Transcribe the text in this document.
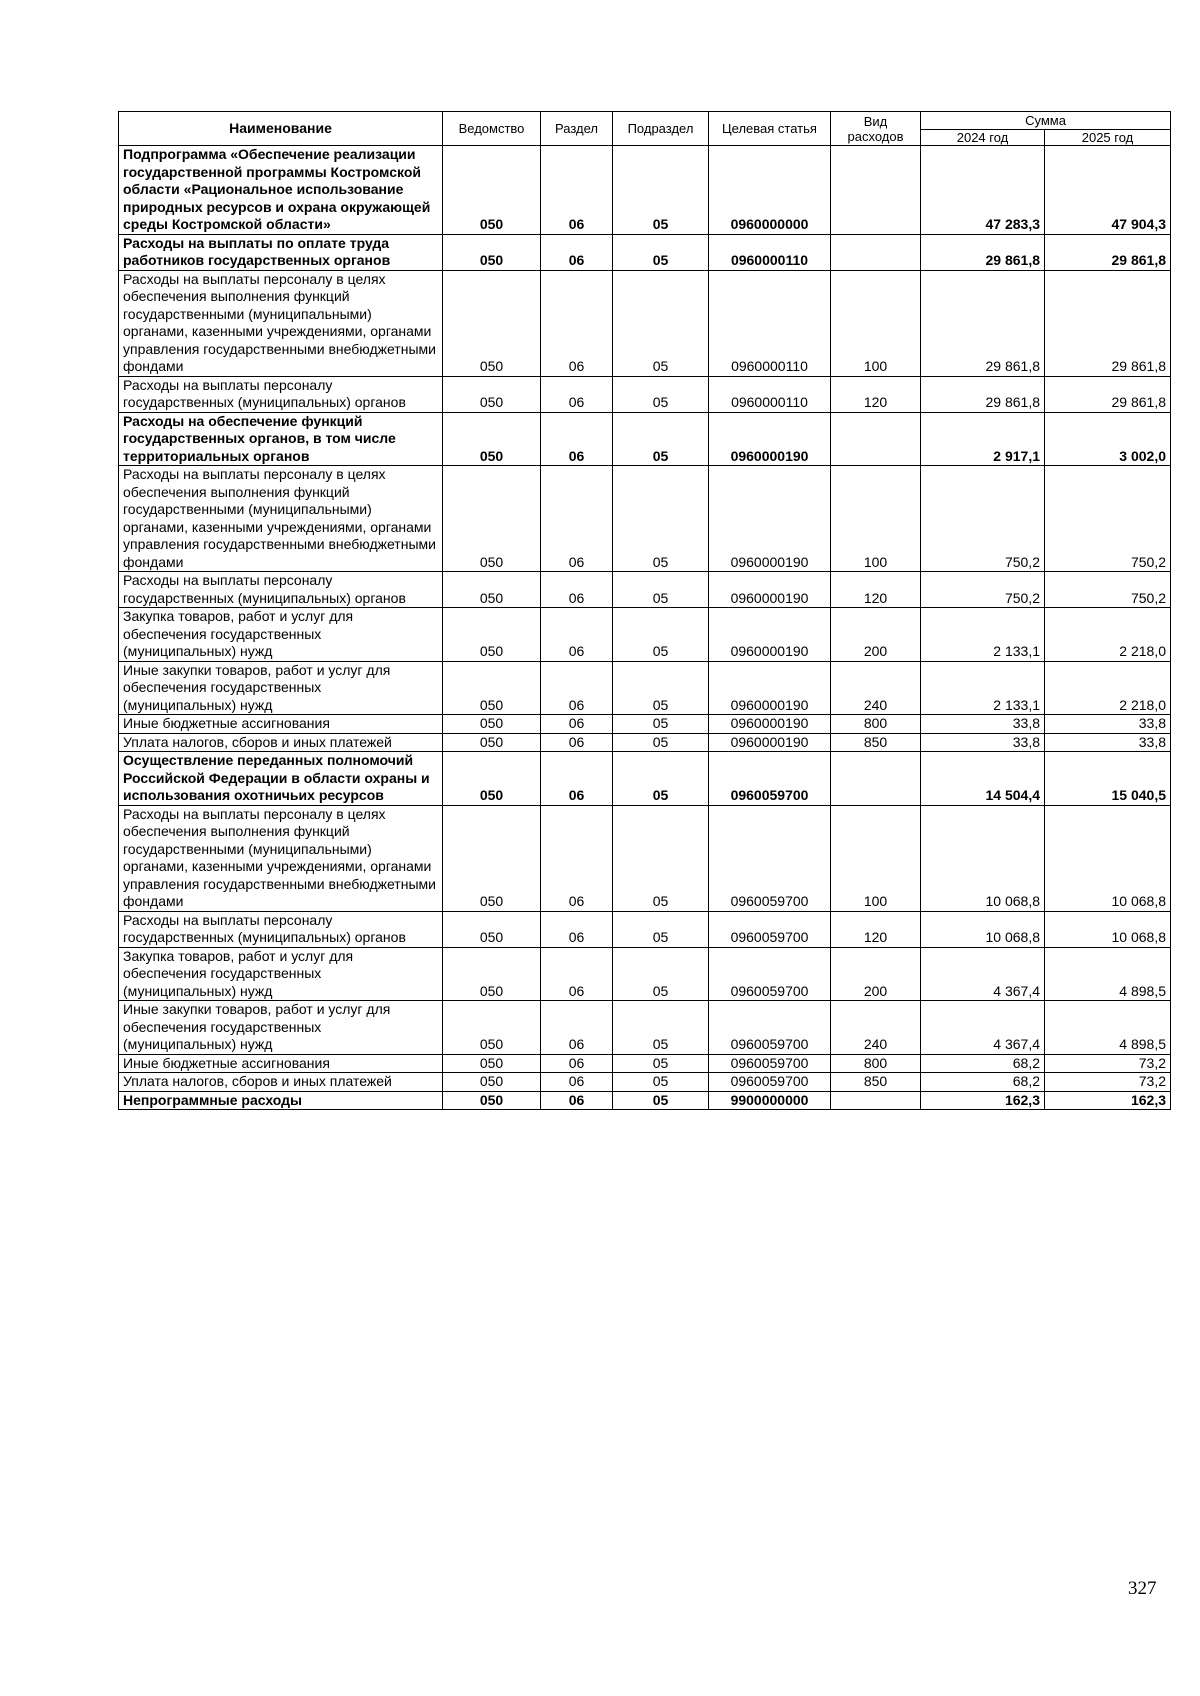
Наименование	Ведомство	Раздел	Подраздел	Целевая статья	Вид расходов	Сумма	
						2024 год	2025 год
Подпрограмма «Обеспечение реализации государственной программы Костромской области «Рациональное использование природных ресурсов и охрана окружающей среды Костромской области»	050	06	05	0960000000		47 283,3	47 904,3
Расходы на выплаты по оплате труда работников государственных органов	050	06	05	0960000110		29 861,8	29 861,8
Расходы на выплаты персоналу в целях обеспечения выполнения функций государственными (муниципальными) органами, казенными учреждениями, органами управления государственными внебюджетными фондами	050	06	05	0960000110	100	29 861,8	29 861,8
Расходы на выплаты персоналу государственных (муниципальных) органов	050	06	05	0960000110	120	29 861,8	29 861,8
Расходы на обеспечение функций государственных органов, в том числе территориальных органов	050	06	05	0960000190		2 917,1	3 002,0
Расходы на выплаты персоналу в целях обеспечения выполнения функций государственными (муниципальными) органами, казенными учреждениями, органами управления государственными внебюджетными фондами	050	06	05	0960000190	100	750,2	750,2
Расходы на выплаты персоналу государственных (муниципальных) органов	050	06	05	0960000190	120	750,2	750,2
Закупка товаров, работ и услуг для обеспечения государственных (муниципальных) нужд	050	06	05	0960000190	200	2 133,1	2 218,0
Иные закупки товаров, работ и услуг для обеспечения государственных (муниципальных) нужд	050	06	05	0960000190	240	2 133,1	2 218,0
Иные бюджетные ассигнования	050	06	05	0960000190	800	33,8	33,8
Уплата налогов, сборов и иных платежей	050	06	05	0960000190	850	33,8	33,8
Осуществление переданных полномочий Российской Федерации в области охраны и использования охотничьих ресурсов	050	06	05	0960059700		14 504,4	15 040,5
Расходы на выплаты персоналу в целях обеспечения выполнения функций государственными (муниципальными) органами, казенными учреждениями, органами управления государственными внебюджетными фондами	050	06	05	0960059700	100	10 068,8	10 068,8
Расходы на выплаты персоналу государственных (муниципальных) органов	050	06	05	0960059700	120	10 068,8	10 068,8
Закупка товаров, работ и услуг для обеспечения государственных (муниципальных) нужд	050	06	05	0960059700	200	4 367,4	4 898,5
Иные закупки товаров, работ и услуг для обеспечения государственных (муниципальных) нужд	050	06	05	0960059700	240	4 367,4	4 898,5
Иные бюджетные ассигнования	050	06	05	0960059700	800	68,2	73,2
Уплата налогов, сборов и иных платежей	050	06	05	0960059700	850	68,2	73,2
Непрограммные расходы	050	06	05	9900000000		162,3	162,3
327
